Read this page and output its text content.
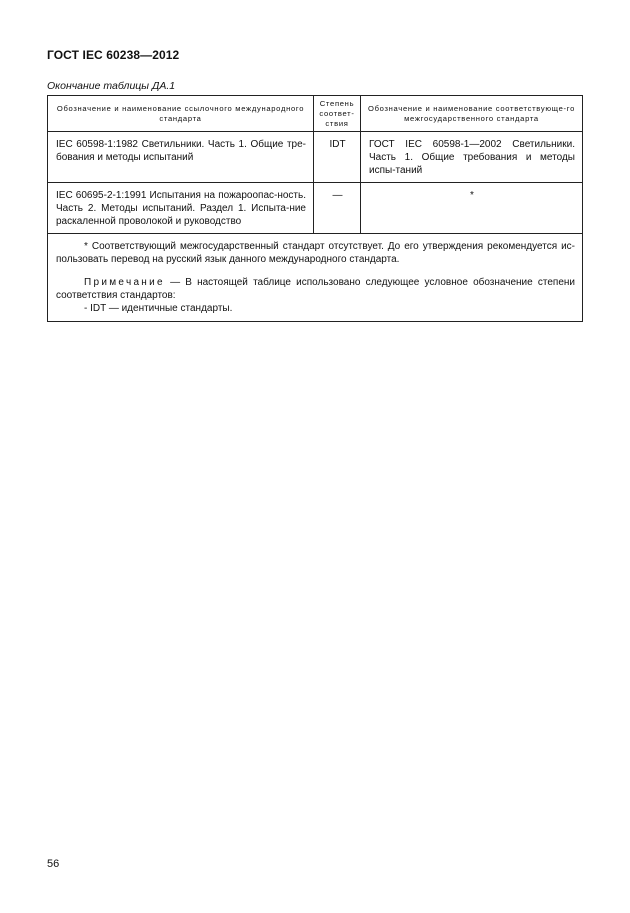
ГОСТ IEC 60238—2012
Окончание таблицы ДА.1
Обозначение и наименование ссылочного международного стандарта	Степень соответ-ствия	Обозначение и наименование соответствующе-го межгосударственного стандарта
IEC 60598-1:1982 Светильники. Часть 1. Общие тре-бования и методы испытаний	IDT	ГОСТ IEC 60598-1—2002 Светильники. Часть 1. Общие требования и методы испы-таний
IEC 60695-2-1:1991 Испытания на пожароопас-ность. Часть 2. Методы испытаний. Раздел 1. Испыта-ние раскаленной проволокой и руководство	—	*

* Соответствующий межгосударственный стандарт отсутствует. До его утверждения рекомендуется ис-пользовать перевод на русский язык данного международного стандарта.

Примечание — В настоящей таблице использовано следующее условное обозначение степени соответствия стандартов:

- IDT — идентичные стандарты.		

56
